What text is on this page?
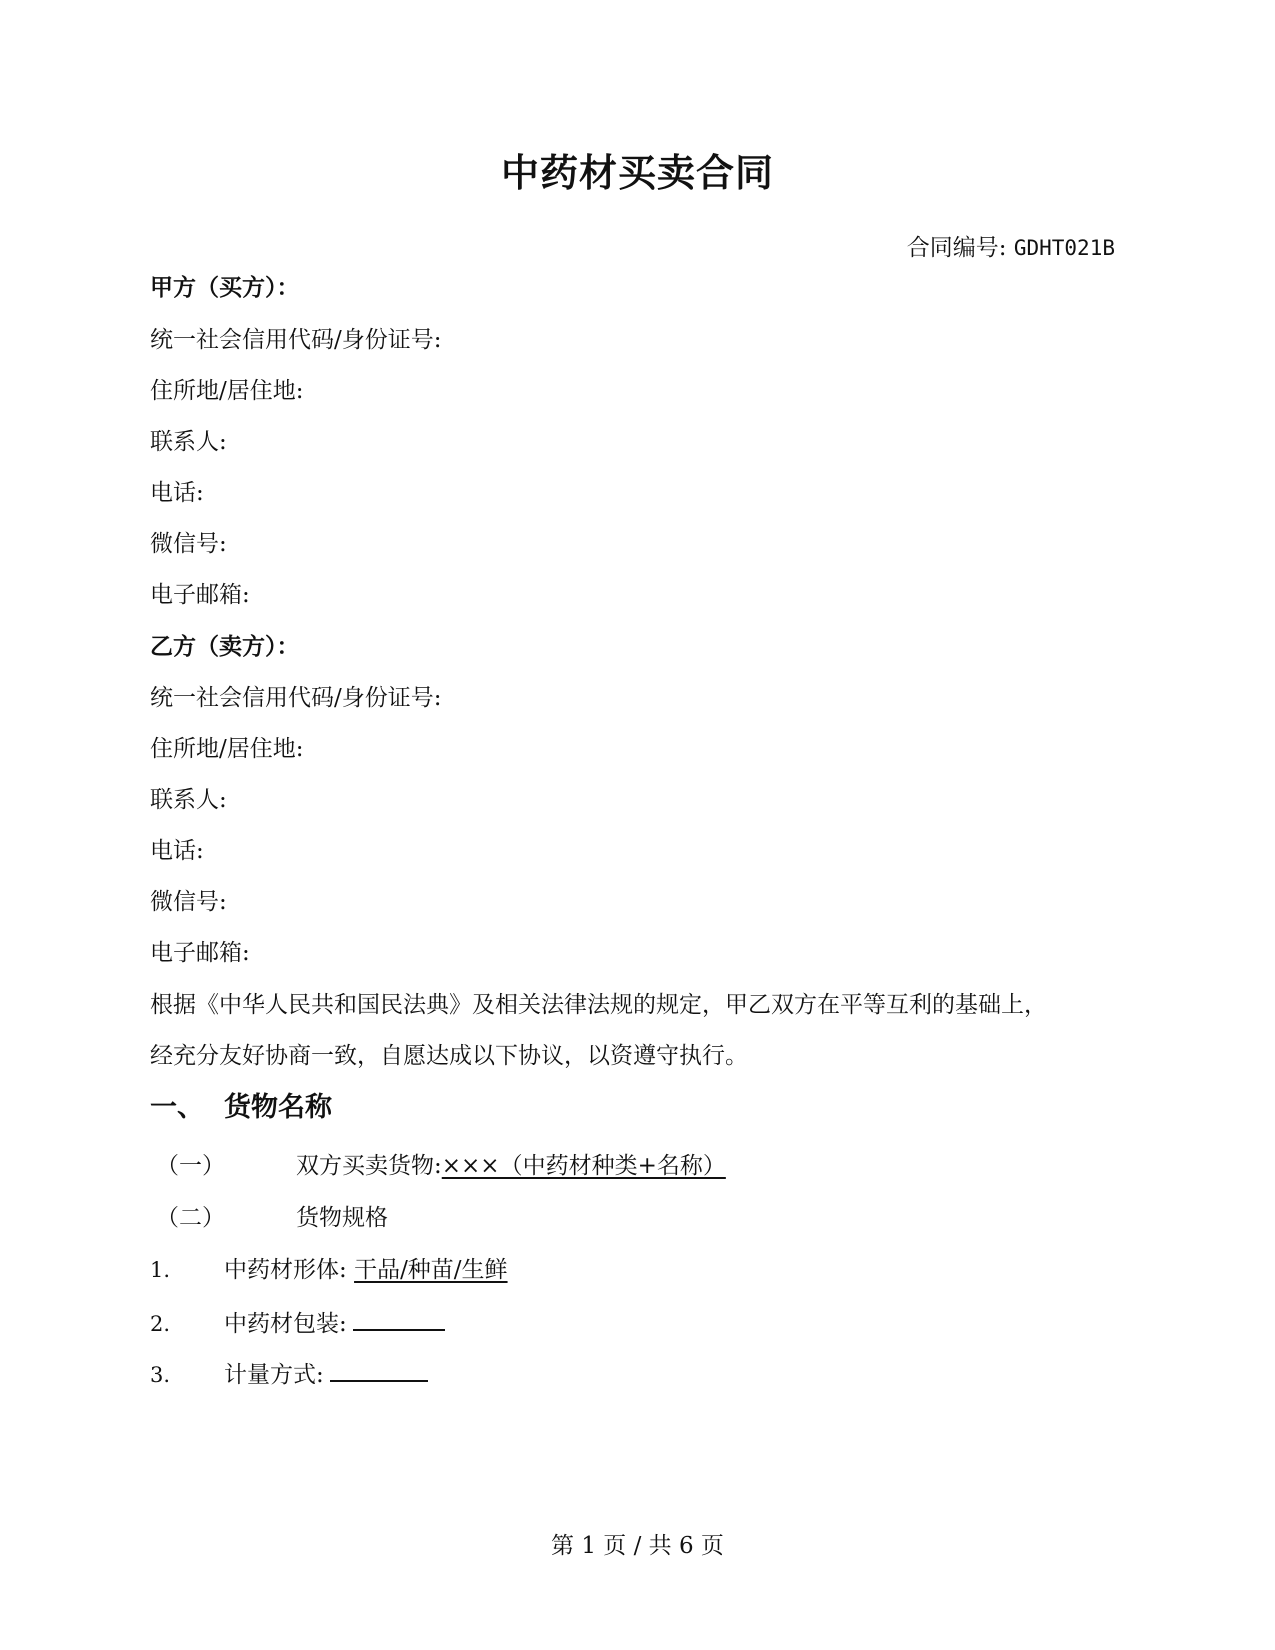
中药材买卖合同
合同编号: GDHT021B
甲方（买方）：
统一社会信用代码/身份证号:
住所地/居住地:
联系人:
电话:
微信号:
电子邮箱:
乙方（卖方）：
统一社会信用代码/身份证号:
住所地/居住地:
联系人:
电话:
微信号:
电子邮箱:
根据《中华人民共和国民法典》及相关法律法规的规定，甲乙双方在平等互利的基础上，
经充分友好协商一致，自愿达成以下协议，以资遵守执行。
一、 货物名称
（一）	双方买卖货物:×××（中药材种类+名称）
（二）	货物规格
1. 中药材形体: 干品/种苗/生鲜
2. 中药材包装:
3. 计量方式:
第 1 页 / 共 6 页
